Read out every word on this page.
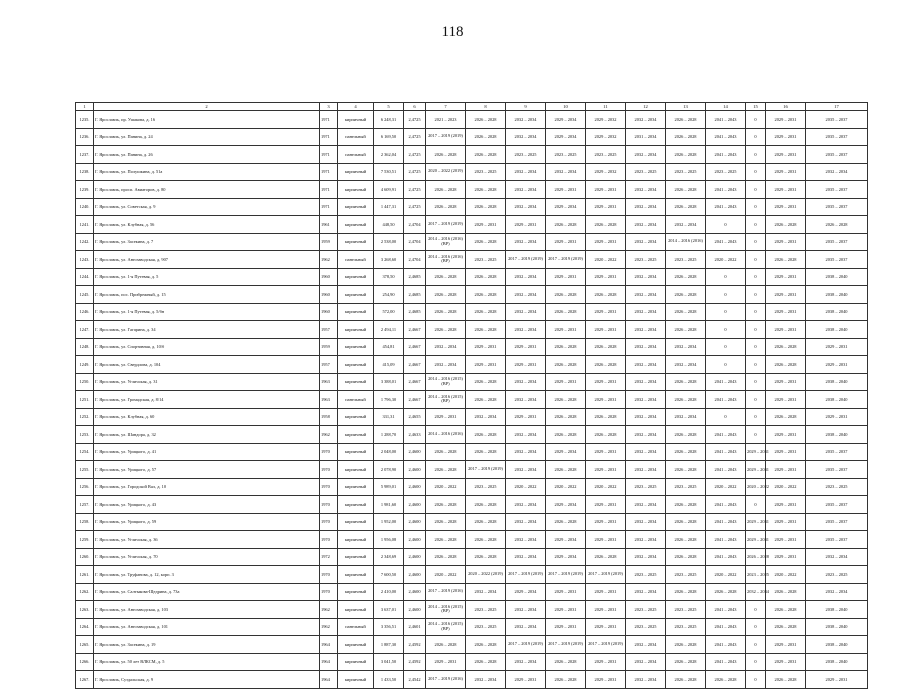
118
1	2	3	4	5	6	7	8	9	10	11	12	13	14	15	16	17
1235.	Г. Ярославль, пр. Ушакова, д. 16	1971	кирпичный	6 248,31	2,4725	2021 – 2023	2026 – 2028	2032 – 2034	2029 – 2034	2029 – 2032	2032 – 2034	2026 – 2028	2041 – 2043	0	2029 – 2031	2035 – 2037
1236.	Г. Ярославль, ул. Панина, д. 24	1971	панельный	6 169,50	2,4725	2017 – 2019 (2019)	2026 – 2028	2032 – 2034	2029 – 2034	2029 – 2032	2031 – 2034	2026 – 2028	2041 – 2043	0	2029 – 2031	2035 – 2037
1237.	Г. Ярославль, ул. Панина, д. 26	1971	панельный	2 362,04	2,4725	2026 – 2028	2026 – 2028	2023 – 2025	2023 – 2025	2023 – 2025	2032 – 2034	2026 – 2028	2041 – 2043	0	2029 – 2031	2035 – 2037
1238.	Г. Ярославль, ул. Полушкина, д. 51а	1971	кирпичный	7 530,51	2,4725	2020 – 2022 (2019)	2023 – 2025	2032 – 2034	2032 – 2034	2029 – 2032	2023 – 2025	2023 – 2025	2023 – 2025	0	2029 – 2031	2032 – 2034
1239.	Г. Ярославль, просп. Авиаторов, д. 80	1971	кирпичный	4 609,91	2,4725	2026 – 2028	2026 – 2028	2032 – 2034	2029 – 2031	2029 – 2031	2032 – 2034	2026 – 2028	2041 – 2043	0	2029 – 2031	2035 – 2037
1240.	Г. Ярославль, ул. Советская, д. 9	1971	кирпичный	1 447,31	2,4725	2026 – 2028	2026 – 2028	2032 – 2034	2029 – 2034	2029 – 2031	2032 – 2034	2026 – 2028	2041 – 2043	0	2029 – 2031	2035 – 2037
1241.	Г. Ярославль, ул. Клубная, д. 56	1961	кирпичный	448,50	2,4704	2017 – 2019 (2019)	2029 – 2031	2029 – 2031	2026 – 2028	2026 – 2028	2032 – 2034	2032 – 2034	0	0	2026 – 2028	2026 – 2028
1242.	Г. Ярославль, ул. Засекина, д. 7	1959	кирпичный	2 538,00	2,4704	2014 – 2016 (2016) (ВР)	2026 – 2028	2032 – 2034	2029 – 2031	2029 – 2031	2032 – 2034	2014 – 2016 (2016)	2041 – 2043	0	2029 – 2031	2035 – 2037
1243.	Г. Ярославль, ул. Автозаводская, д. 907	1962	панельный	3 268,60	2,4704	2014 – 2016 (2016) (ВР)	2023 – 2025	2017 – 2019 (2019)	2017 – 2019 (2019)	2020 – 2022	2023 – 2025	2023 – 2025	2020 – 2022	0	2026 – 2028	2035 – 2037
1244.	Г. Ярославль, ул. 1-я Путевая, д. 5	1960	кирпичный	378,50	2,4685	2026 – 2028	2026 – 2028	2032 – 2034	2029 – 2031	2029 – 2031	2032 – 2034	2026 – 2028	0	0	2029 – 2031	2038 – 2040
1245.	Г. Ярославль, пос. Прибрежный, д. 15	1960	кирпичный	254,90	2,4685	2026 – 2028	2026 – 2028	2032 – 2034	2026 – 2028	2026 – 2028	2032 – 2034	2026 – 2028	0	0	2029 – 2031	2038 – 2040
1246.	Г. Ярославль, ул. 1-я Путевая, д. 5/бн	1960	кирпичный	572,00	2,4685	2026 – 2028	2026 – 2028	2032 – 2034	2026 – 2028	2029 – 2031	2032 – 2034	2026 – 2028	0	0	2029 – 2031	2038 – 2040
1247.	Г. Ярославль, ул. Гагарина, д. 34	1957	кирпичный	2 494,11	2,4667	2026 – 2028	2026 – 2028	2032 – 2034	2029 – 2031	2029 – 2031	2032 – 2034	2026 – 2028	0	0	2029 – 2031	2038 – 2040
1248.	Г. Ярославль, ул. Спортивная, д. 10/б	1959	кирпичный	454,81	2,4667	2032 – 2034	2029 – 2031	2029 – 2031	2026 – 2028	2026 – 2028	2032 – 2034	2032 – 2034	0	0	2026 – 2028	2029 – 2031
1249.	Г. Ярославль, ул. Свердлова, д. 104	1957	кирпичный	415,09	2,4667	2032 – 2034	2029 – 2031	2029 – 2031	2026 – 2028	2026 – 2028	2032 – 2034	2032 – 2034	0	0	2026 – 2028	2029 – 2031
1250.	Г. Ярославль, ул. Угличская, д. 31	1963	кирпичный	3 388,01	2,4667	2014 – 2016 (2015) (ВР)	2026 – 2028	2032 – 2034	2029 – 2031	2029 – 2031	2032 – 2034	2026 – 2028	2041 – 2043	0	2029 – 2031	2038 – 2040
1251.	Г. Ярославль, ул. Громадская, д. 8/14	1963	панельный	1 796,30	2,4667	2014 – 2016 (2015) (ВР)	2026 – 2028	2032 – 2034	2026 – 2028	2029 – 2031	2032 – 2034	2026 – 2028	2041 – 2043	0	2029 – 2031	2038 – 2040
1252.	Г. Ярославль, ул. Клубная, д. 60	1958	кирпичный	331,31	2,4655	2029 – 2031	2032 – 2034	2029 – 2031	2026 – 2028	2026 – 2028	2032 – 2034	2032 – 2034	0	0	2026 – 2028	2029 – 2031
1253.	Г. Ярославль, ул. Шандора, д. 32	1962	кирпичный	1 288,70	2,4633	2014 – 2016 (2016)	2026 – 2028	2032 – 2034	2026 – 2028	2026 – 2028	2032 – 2034	2026 – 2028	2041 – 2043	0	2029 – 2031	2038 – 2040
1254.	Г. Ярославль, ул. Урицкого, д. 41	1970	кирпичный	2 048,00	2,4600	2026 – 2028	2026 – 2028	2032 – 2034	2029 – 2034	2029 – 2031	2032 – 2034	2026 – 2028	2041 – 2043	2029 – 2031	2029 – 2031	2035 – 2037
1255.	Г. Ярославль, ул. Урицкого, д. 57	1970	кирпичный	2 078,90	2,4600	2026 – 2028	2017 – 2019 (2019)	2032 – 2034	2026 – 2028	2029 – 2031	2032 – 2034	2026 – 2028	2041 – 2043	2029 – 2031	2029 – 2031	2035 – 2037
1256.	Г. Ярославль, ул. Городской Вал, д. 10	1970	кирпичный	5 989,01	2,4600	2020 – 2022	2023 – 2025	2020 – 2022	2020 – 2022	2020 – 2022	2023 – 2025	2023 – 2025	2020 – 2022	2020 – 2022	2020 – 2022	2023 – 2025
1257.	Г. Ярославль, ул. Урицкого, д. 43	1970	кирпичный	1 981,60	2,4600	2026 – 2028	2026 – 2028	2032 – 2034	2029 – 2034	2029 – 2031	2032 – 2034	2026 – 2028	2041 – 2043	0	2029 – 2031	2035 – 2037
1258.	Г. Ярославль, ул. Урицкого, д. 59	1970	кирпичный	1 952,00	2,4600	2026 – 2028	2026 – 2028	2032 – 2034	2026 – 2028	2029 – 2031	2032 – 2034	2026 – 2028	2041 – 2043	2029 – 2031	2029 – 2031	2035 – 2037
1259.	Г. Ярославль, ул. Угличская, д. 36	1970	кирпичный	1 956,08	2,4600	2026 – 2028	2026 – 2028	2032 – 2034	2029 – 2034	2029 – 2031	2032 – 2034	2026 – 2028	2041 – 2043	2029 – 2031	2029 – 2031	2035 – 2037
1260.	Г. Ярославль, ул. Угличская, д. 70	1972	кирпичный	2 348,69	2,4600	2026 – 2028	2026 – 2028	2032 – 2034	2029 – 2034	2026 – 2028	2032 – 2034	2026 – 2028	2041 – 2043	2026 – 2028	2029 – 2031	2032 – 2034
1261.	Г. Ярославль, ул. Труфанова, д. 12, корп. 3	1970	кирпичный	7 600,50	2,4600	2020 – 2022	2020 – 2022 (2019)	2017 – 2019 (2019)	2017 – 2019 (2019)	2017 – 2019 (2019)	2023 – 2025	2023 – 2025	2020 – 2022	2023 – 2025	2020 – 2022	2023 – 2025
1262.	Г. Ярославль, ул. Салтыкова-Щедрина, д. 73а	1970	кирпичный	2 410,00	2,4600	2017 – 2019 (2016)	2032 – 2034	2029 – 2034	2029 – 2031	2029 – 2031	2032 – 2034	2026 – 2028	2026 – 2028	2032 – 2034	2026 – 2028	2032 – 2034
1263.	Г. Ярославль, ул. Автозаводская, д. 103	1962	кирпичный	3 637,01	2,4600	2014 – 2016 (2015) (ВР)	2023 – 2025	2032 – 2034	2029 – 2031	2029 – 2031	2023 – 2025	2023 – 2025	2041 – 2043	0	2026 – 2028	2038 – 2040
1264.	Г. Ярославль, ул. Автозаводская, д. 101	1962	панельный	3 356,51	2,4601	2014 – 2016 (2015) (ВР)	2023 – 2025	2032 – 2034	2029 – 2031	2029 – 2031	2023 – 2025	2023 – 2025	2041 – 2043	0	2026 – 2028	2038 – 2040
1265.	Г. Ярославль, ул. Засекина, д. 19	1964	кирпичный	1 887,30	2,4592	2026 – 2028	2026 – 2028	2017 – 2019 (2019)	2017 – 2019 (2019)	2017 – 2019 (2019)	2032 – 2034	2026 – 2028	2041 – 2043	0	2029 – 2031	2038 – 2040
1266.	Г. Ярославль, ул. 50 лет ВЛКСМ, д. 5	1964	кирпичный	3 041,50	2,4592	2029 – 2031	2026 – 2028	2032 – 2034	2026 – 2028	2029 – 2031	2032 – 2034	2026 – 2028	2041 – 2043	0	2029 – 2031	2038 – 2040
1267.	Г. Ярославль, Суздальская, д. 9	1964	кирпичный	1 433,50	2,4542	2017 – 2019 (2016)	2032 – 2034	2029 – 2031	2026 – 2028	2029 – 2031	2032 – 2034	2026 – 2028	2026 – 2028	0	2026 – 2028	2029 – 2031
